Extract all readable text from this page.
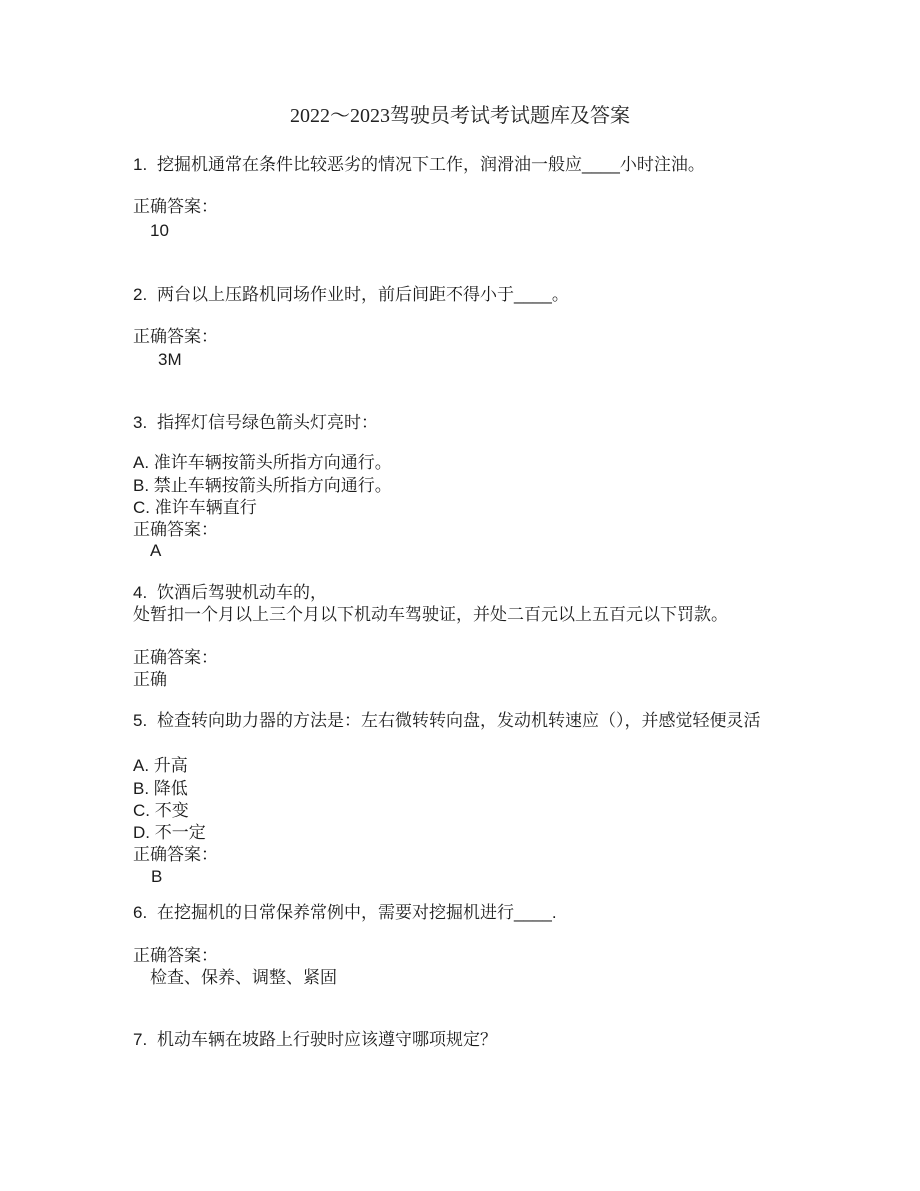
2022～2023驾驶员考试考试题库及答案
1. 挖掘机通常在条件比较恶劣的情况下工作，润滑油一般应____小时注油。
正确答案：
10
2. 两台以上压路机同场作业时，前后间距不得小于____。
正确答案：
3M
3. 指挥灯信号绿色箭头灯亮时：
A. 准许车辆按箭头所指方向通行。
B. 禁止车辆按箭头所指方向通行。
C. 准许车辆直行
正确答案：
A
4. 饮酒后驾驶机动车的，
处暂扣一个月以上三个月以下机动车驾驶证，并处二百元以上五百元以下罚款。
正确答案：
正确
5. 检查转向助力器的方法是：左右微转转向盘，发动机转速应（），并感觉轻便灵活
A. 升高
B. 降低
C. 不变
D. 不一定
正确答案：
B
6. 在挖掘机的日常保养常例中，需要对挖掘机进行____.
正确答案：
检查、保养、调整、紧固
7. 机动车辆在坡路上行驶时应该遵守哪项规定？
